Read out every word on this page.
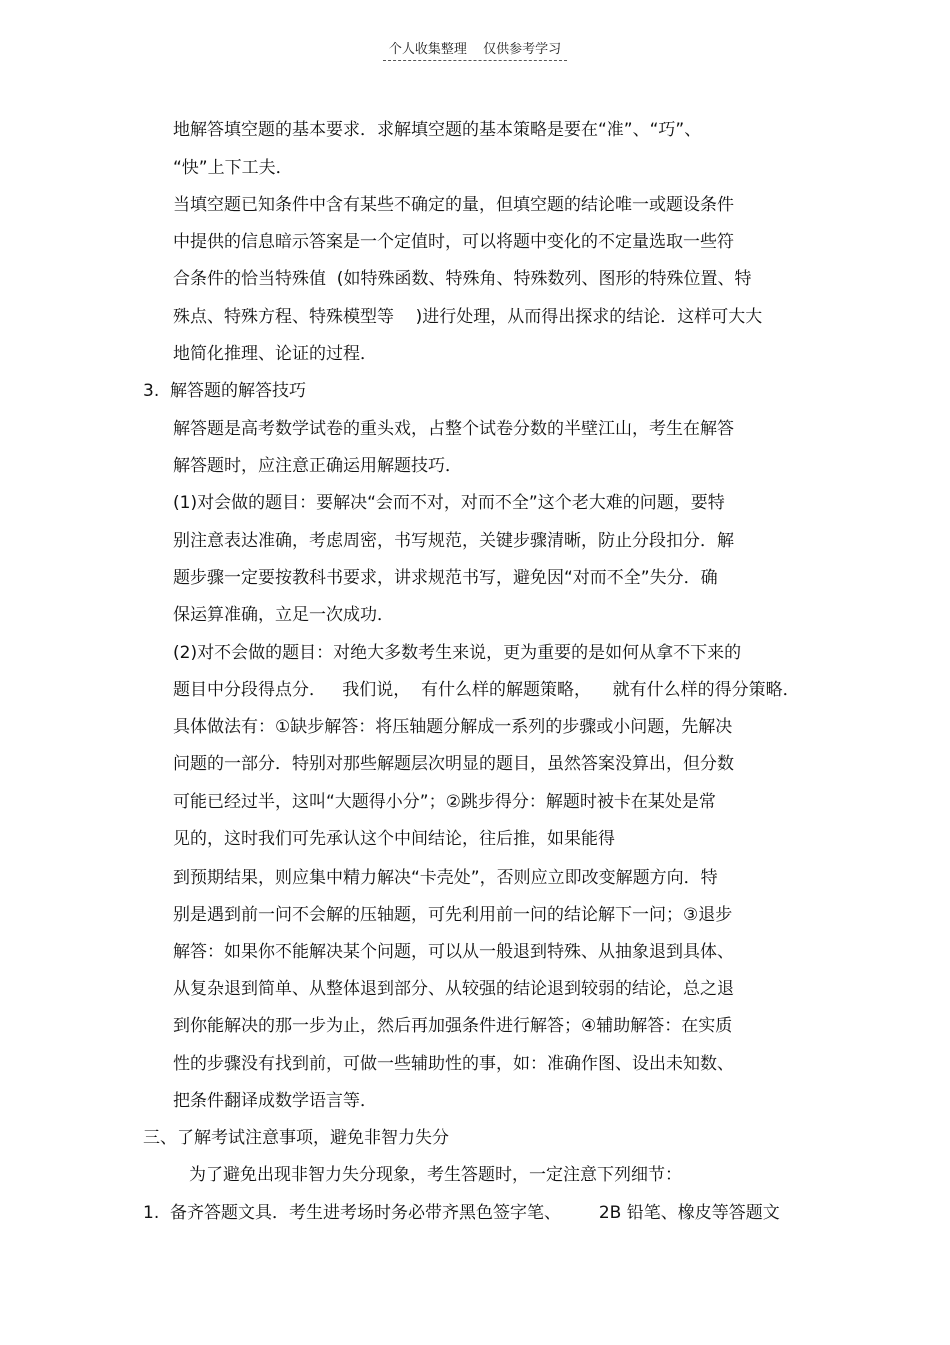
个人收集整理 仅供参考学习
地解答填空题的基本要求．求解填空题的基本策略是要在“准”、“巧”、
“快”上下工夫．
当填空题已知条件中含有某些不确定的量，但填空题的结论唯一或题设条件
中提供的信息暗示答案是一个定值时，可以将题中变化的不定量选取一些符
合条件的恰当特殊值  (如特殊函数、特殊角、特殊数列、图形的特殊位置、特
殊点、特殊方程、特殊模型等    )进行处理，从而得出探求的结论．这样可大大
地简化推理、论证的过程．
3.  解答题的解答技巧
解答题是高考数学试卷的重头戏，占整个试卷分数的半壁江山，考生在解答
解答题时，应注意正确运用解题技巧．
(1)对会做的题目：要解决“会而不对，对而不全”这个老大难的问题，要特
别注意表达准确，考虑周密，书写规范，关键步骤清晰，防止分段扣分．解
题步骤一定要按教科书要求，讲求规范书写，避免因“对而不全”失分．确
保运算准确，立足一次成功．
(2)对不会做的题目：对绝大多数考生来说，更为重要的是如何从拿不下来的
题目中分段得点分．   我们说，  有什么样的解题策略，    就有什么样的得分策略．
具体做法有：①缺步解答：将压轴题分解成一系列的步骤或小问题，先解决
问题的一部分．特别对那些解题层次明显的题目，虽然答案没算出，但分数
可能已经过半，这叫“大题得小分”；②跳步得分：解题时被卡在某处是常
见的，这时我们可先承认这个中间结论，往后推，如果能得
到预期结果，则应集中精力解决“卡壳处”，否则应立即改变解题方向．特
别是遇到前一问不会解的压轴题，可先利用前一问的结论解下一问；③退步
解答：如果你不能解决某个问题，可以从一般退到特殊、从抽象退到具体、
从复杂退到简单、从整体退到部分、从较强的结论退到较弱的结论，总之退
到你能解决的那一步为止，然后再加强条件进行解答；④辅助解答：在实质
性的步骤没有找到前，可做一些辅助性的事，如：准确作图、设出未知数、
把条件翻译成数学语言等．
三、了解考试注意事项，避免非智力失分
为了避免出现非智力失分现象，考生答题时，一定注意下列细节：
1.  备齐答题文具．考生进考场时务必带齐黑色签字笔、       2B 铅笔、橡皮等答题文
